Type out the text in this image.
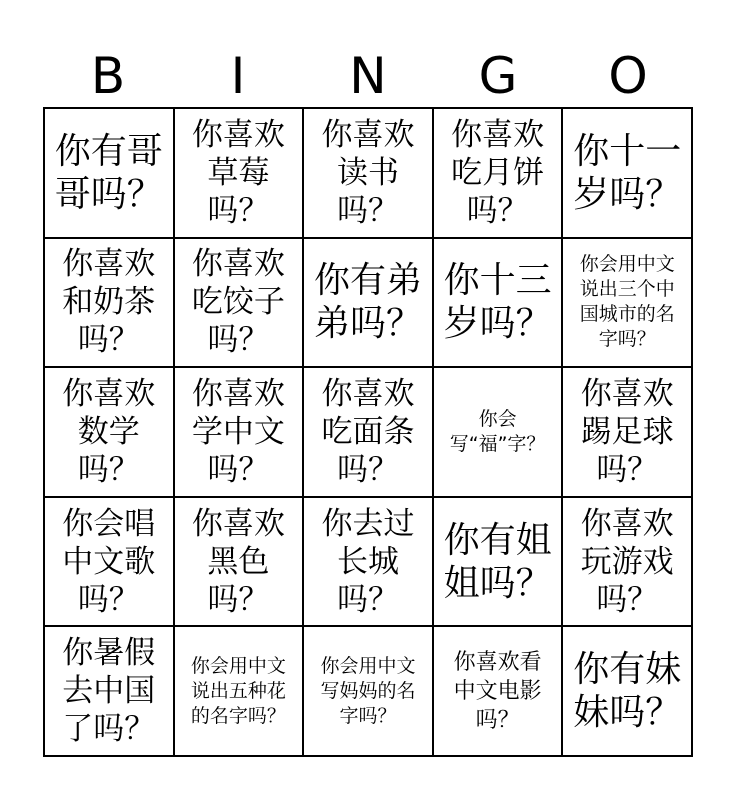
B	I	N	G	O
你有哥
哥吗？
你喜欢
草莓
吗？
你喜欢
读书
吗？
你喜欢
吃月饼
吗？
你十一
岁吗？
你喜欢
和奶茶
吗？
你喜欢
吃饺子
吗？
你有弟
弟吗？
你十三
岁吗？
你会用中文
说出三个中
国城市的名
字吗？
你喜欢
数学
吗？
你喜欢
学中文
吗？
你喜欢
吃面条
吗？
你会
写“福”字？
你喜欢
踢足球
吗？
你会唱
中文歌
吗？
你喜欢
黑色
吗？
你去过
长城
吗？
你有姐
姐吗？
你喜欢
玩游戏
吗？
你暑假
去中国
了吗？
你会用中文
说出五种花
的名字吗？
你会用中文
写妈妈的名
字吗？
你喜欢看
中文电影
吗？
你有妹
妹吗？
